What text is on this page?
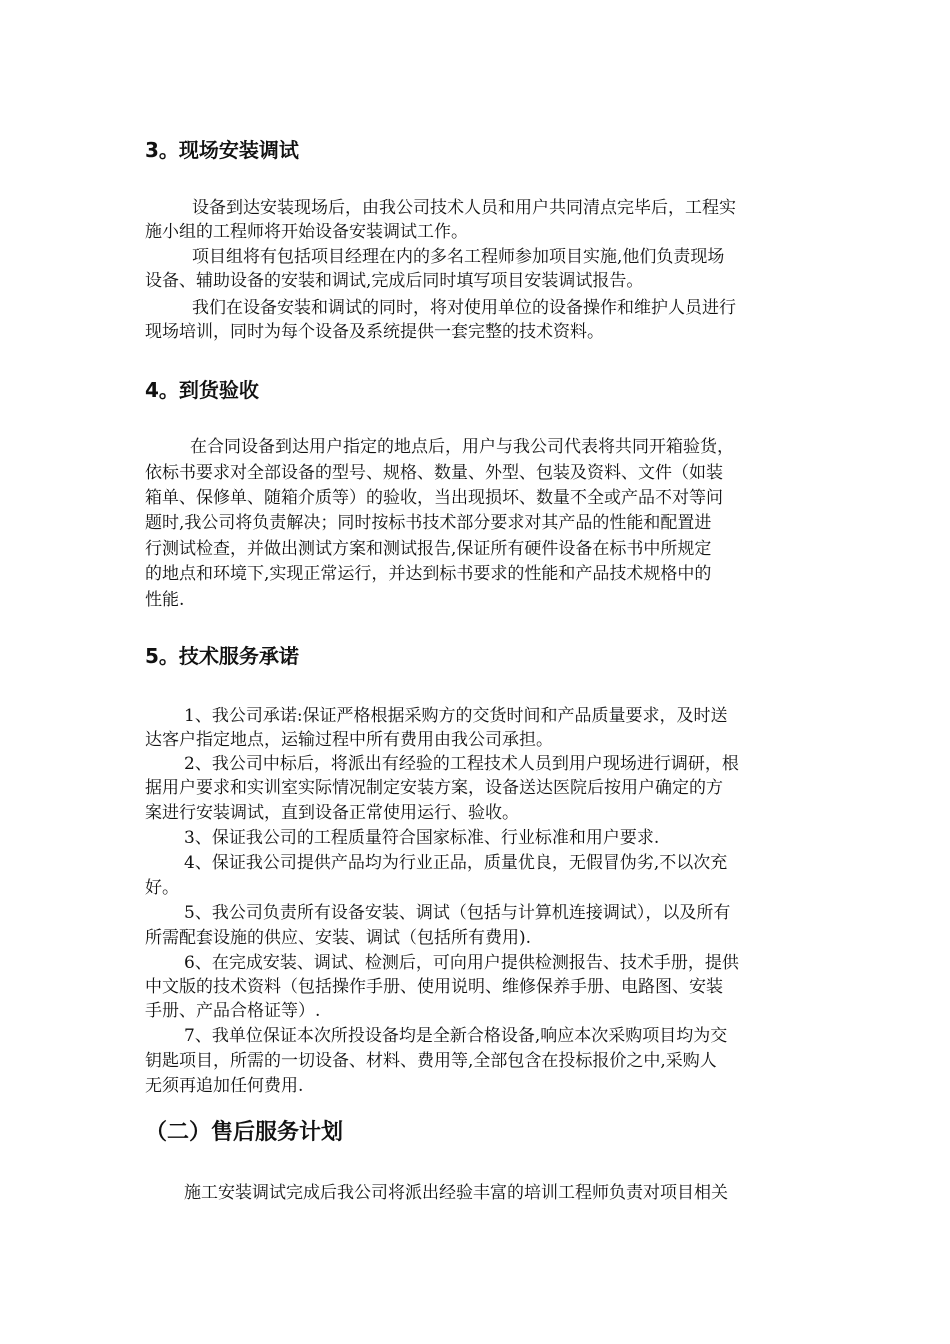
3。现场安装调试
设备到达安装现场后，由我公司技术人员和用户共同清点完毕后，工程实
施小组的工程师将开始设备安装调试工作。
项目组将有包括项目经理在内的多名工程师参加项目实施,他们负责现场
设备、辅助设备的安装和调试,完成后同时填写项目安装调试报告。
我们在设备安装和调试的同时，将对使用单位的设备操作和维护人员进行
现场培训，同时为每个设备及系统提供一套完整的技术资料。
4。到货验收
在合同设备到达用户指定的地点后，用户与我公司代表将共同开箱验货，
依标书要求对全部设备的型号、规格、数量、外型、包装及资料、文件（如装
箱单、保修单、随箱介质等）的验收，当出现损坏、数量不全或产品不对等问
题时,我公司将负责解决；同时按标书技术部分要求对其产品的性能和配置进
行测试检查，并做出测试方案和测试报告,保证所有硬件设备在标书中所规定
的地点和环境下,实现正常运行，并达到标书要求的性能和产品技术规格中的
性能.
5。技术服务承诺
1、我公司承诺:保证严格根据采购方的交货时间和产品质量要求，及时送
达客户指定地点，运输过程中所有费用由我公司承担。
2、我公司中标后，将派出有经验的工程技术人员到用户现场进行调研，根
据用户要求和实训室实际情况制定安装方案，设备送达医院后按用户确定的方
案进行安装调试，直到设备正常使用运行、验收。
3、保证我公司的工程质量符合国家标准、行业标准和用户要求.
4、保证我公司提供产品均为行业正品，质量优良，无假冒伪劣,不以次充
好。
5、我公司负责所有设备安装、调试（包括与计算机连接调试），以及所有
所需配套设施的供应、安装、调试（包括所有费用).
6、在完成安装、调试、检测后，可向用户提供检测报告、技术手册，提供
中文版的技术资料（包括操作手册、使用说明、维修保养手册、电路图、安装
手册、产品合格证等）.
7、我单位保证本次所投设备均是全新合格设备,响应本次采购项目均为交
钥匙项目，所需的一切设备、材料、费用等,全部包含在投标报价之中,采购人
无须再追加任何费用.
（二）售后服务计划
施工安装调试完成后我公司将派出经验丰富的培训工程师负责对项目相关
